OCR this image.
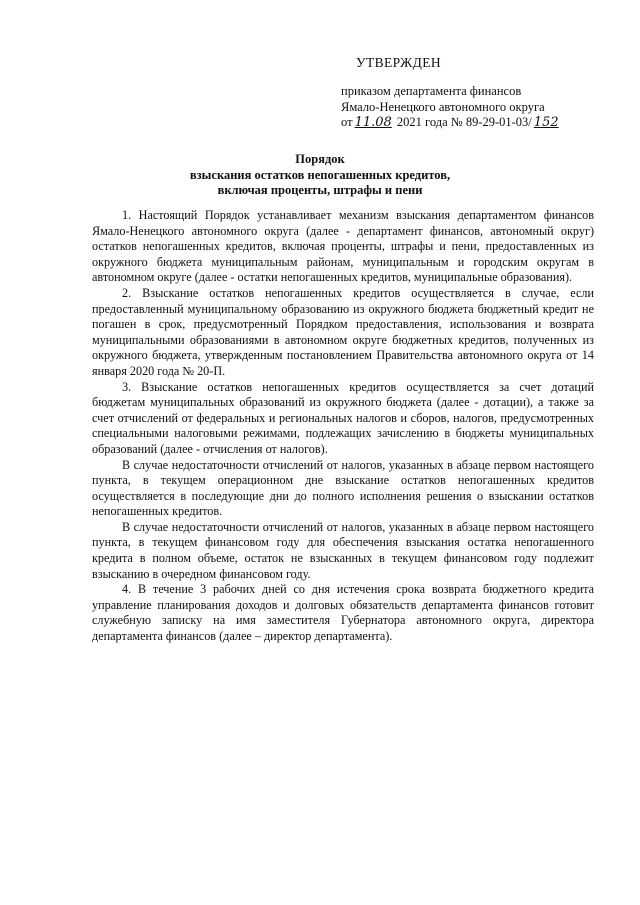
УТВЕРЖДЕН
приказом департамента финансов
Ямало-Ненецкого автономного округа
от 11.08 2021 года № 89-29-01-03/ 152
Порядок
взыскания остатков непогашенных кредитов,
включая проценты, штрафы и пени

1. Настоящий Порядок устанавливает механизм взыскания департаментом финансов Ямало-Ненецкого автономного округа (далее - департамент финансов, автономный округ) остатков непогашенных кредитов, включая проценты, штрафы и пени, предоставленных из окружного бюджета муниципальным районам, муниципальным и городским округам в автономном округе (далее - остатки непогашенных кредитов, муниципальные образования).

2. Взыскание остатков непогашенных кредитов осуществляется в случае, если предоставленный муниципальному образованию из окружного бюджета бюджетный кредит не погашен в срок, предусмотренный Порядком предоставления, использования и возврата муниципальными образованиями в автономном округе бюджетных кредитов, полученных из окружного бюджета, утвержденным постановлением Правительства автономного округа от 14 января 2020 года № 20-П.

3. Взыскание остатков непогашенных кредитов осуществляется за счет дотаций бюджетам муниципальных образований из окружного бюджета (далее - дотации), а также за счет отчислений от федеральных и региональных налогов и сборов, налогов, предусмотренных специальными налоговыми режимами, подлежащих зачислению в бюджеты муниципальных образований (далее - отчисления от налогов).

В случае недостаточности отчислений от налогов, указанных в абзаце первом настоящего пункта, в текущем операционном дне взыскание остатков непогашенных кредитов осуществляется в последующие дни до полного исполнения решения о взыскании остатков непогашенных кредитов.

В случае недостаточности отчислений от налогов, указанных в абзаце первом настоящего пункта, в текущем финансовом году для обеспечения взыскания остатка непогашенного кредита в полном объеме, остаток не взысканных в текущем финансовом году подлежит взысканию в очередном финансовом году.

4. В течение 3 рабочих дней со дня истечения срока возврата бюджетного кредита управление планирования доходов и долговых обязательств департамента финансов готовит служебную записку на имя заместителя Губернатора автономного округа, директора департамента финансов (далее – директор департамента).
